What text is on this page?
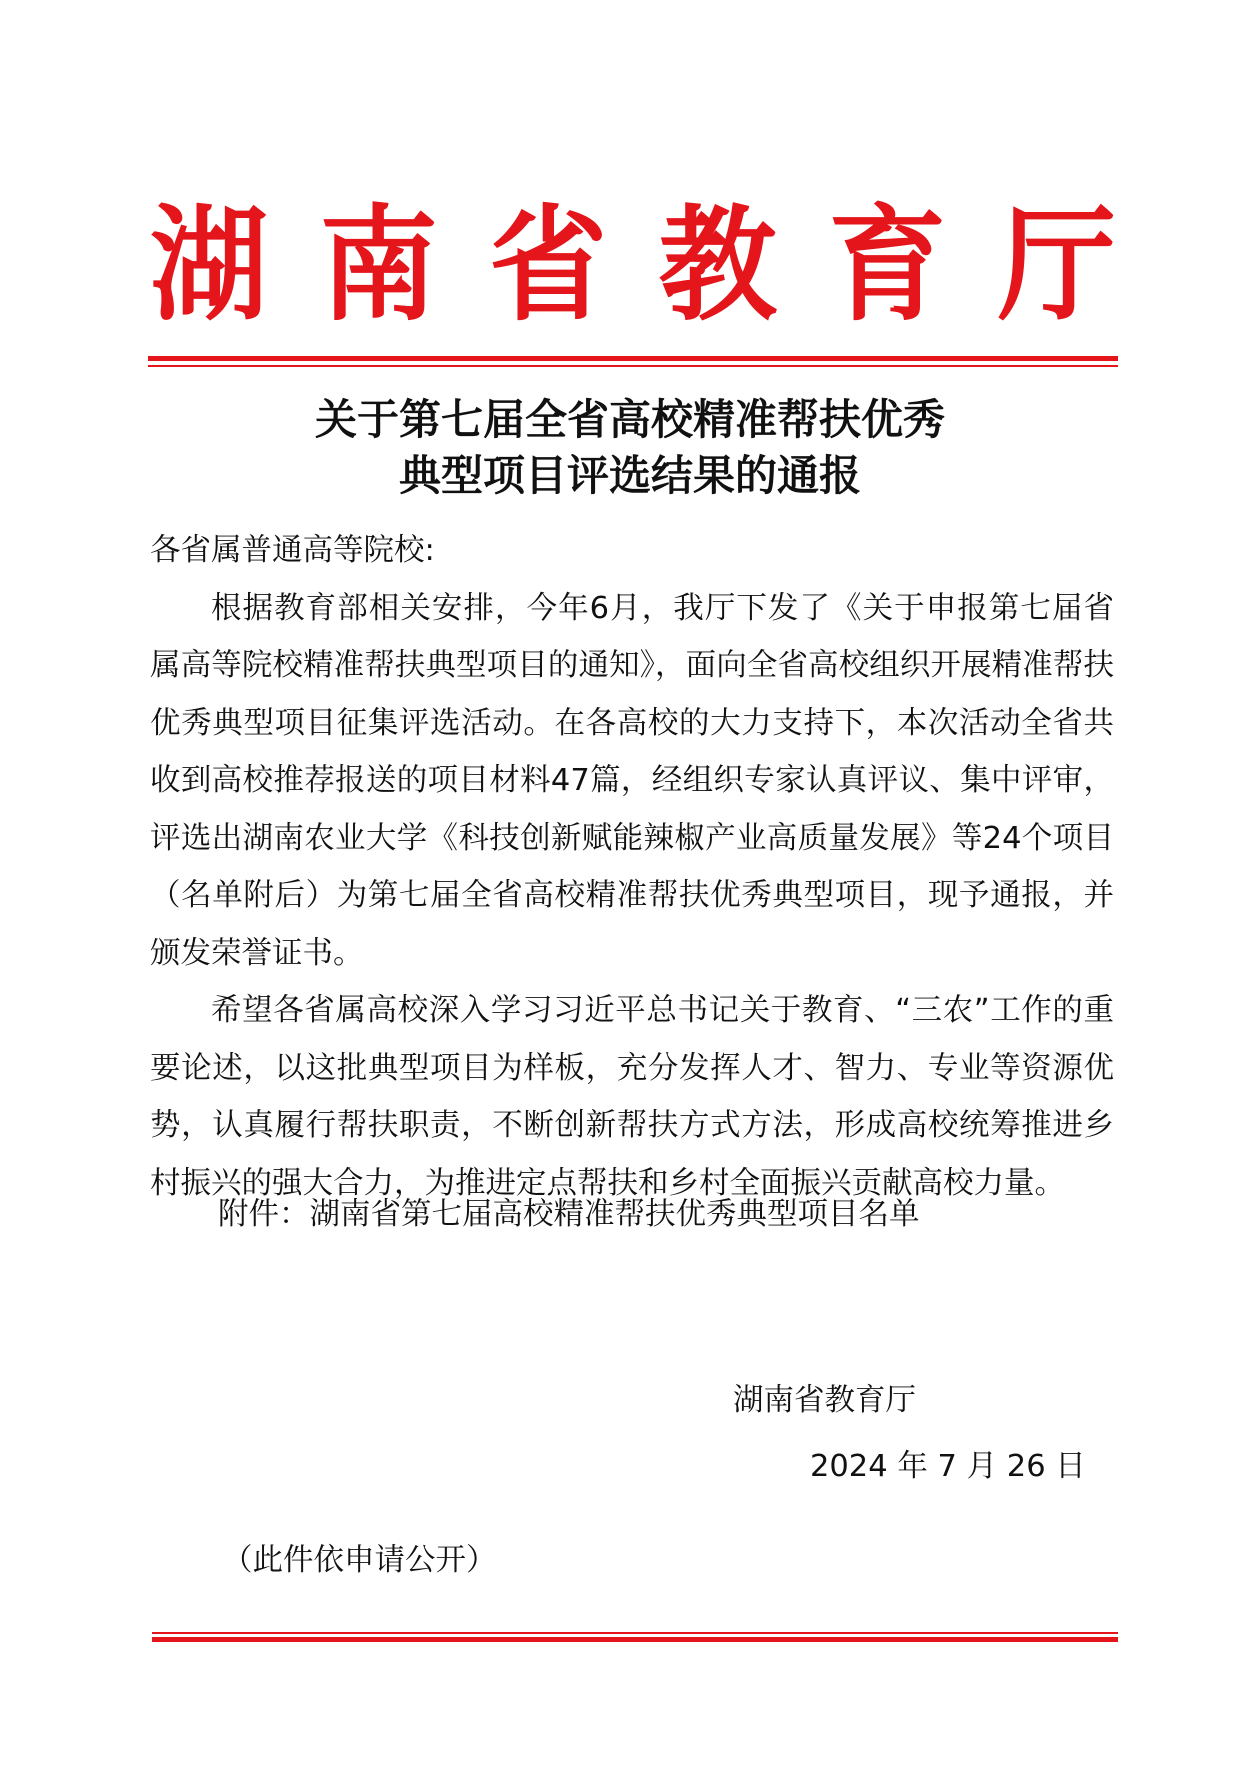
湖 南 省 教 育 厅
关于第七届全省高校精准帮扶优秀
典型项目评选结果的通报

各省属普通高等院校:

根据教育部相关安排，今年6月，我厅下发了《关于申报第七届省属高等院校精准帮扶典型项目的通知》，面向全省高校组织开展精准帮扶优秀典型项目征集评选活动。在各高校的大力支持下，本次活动全省共收到高校推荐报送的项目材料47篇，经组织专家认真评议、集中评审，评选出湖南农业大学《科技创新赋能辣椒产业高质量发展》等24个项目（名单附后）为第七届全省高校精准帮扶优秀典型项目，现予通报，并颁发荣誉证书。

希望各省属高校深入学习习近平总书记关于教育、“三农”工作的重要论述，以这批典型项目为样板，充分发挥人才、智力、专业等资源优势，认真履行帮扶职责，不断创新帮扶方式方法，形成高校统筹推进乡村振兴的强大合力，为推进定点帮扶和乡村全面振兴贡献高校力量。

附件：湖南省第七届高校精准帮扶优秀典型项目名单
湖南省教育厅
2024 年 7 月 26 日
（此件依申请公开）
